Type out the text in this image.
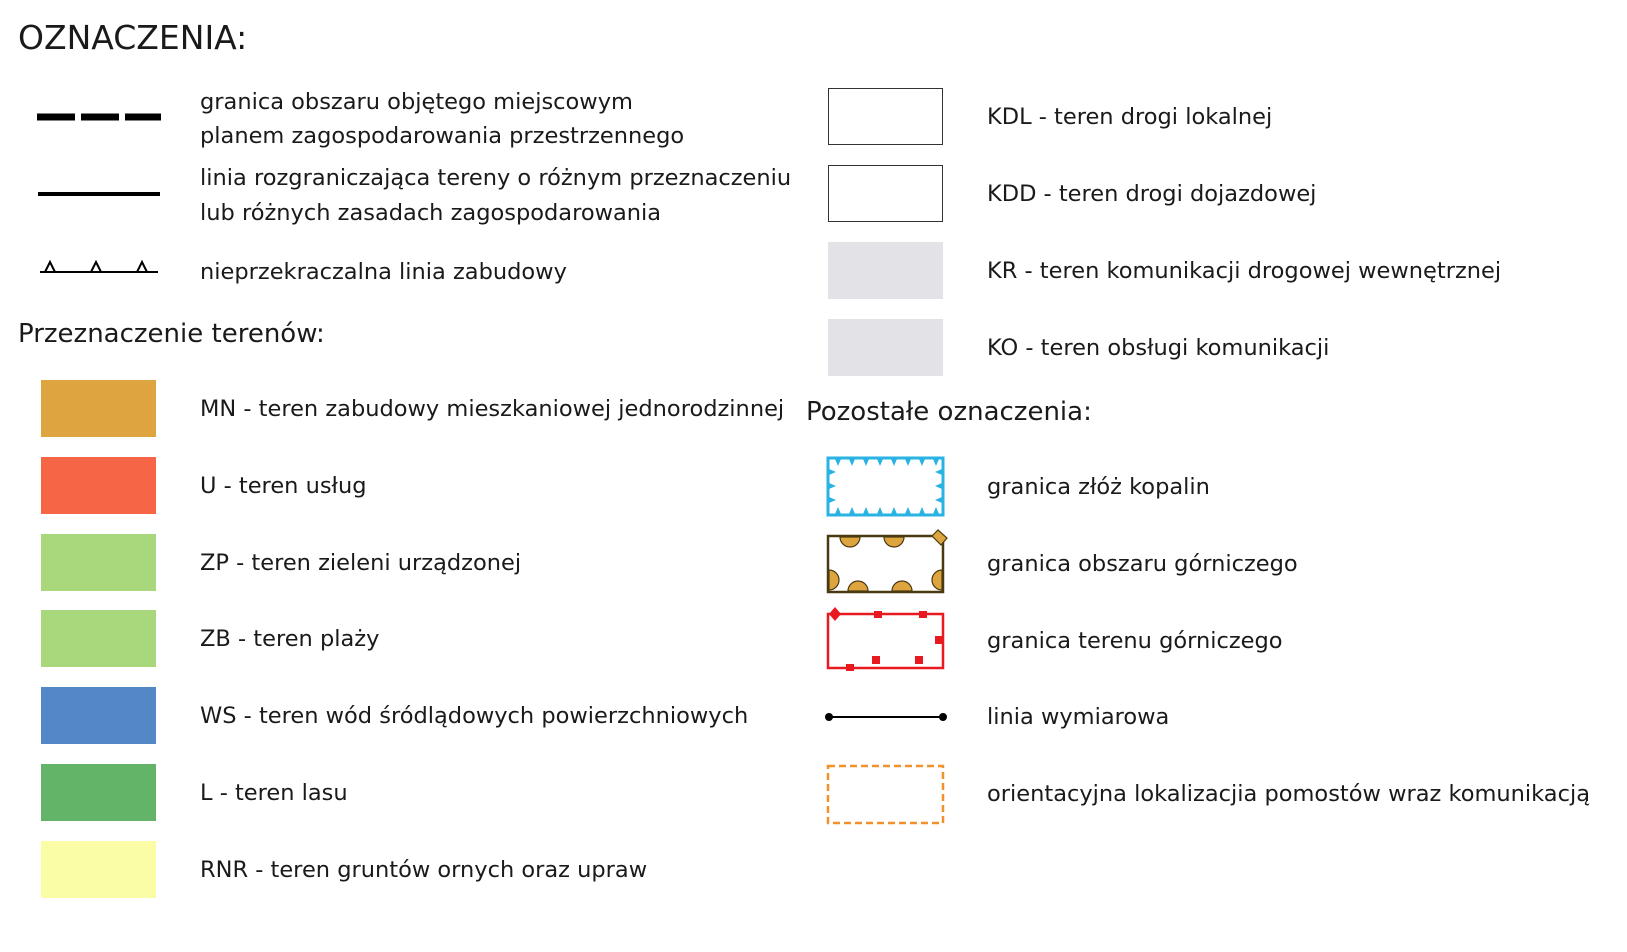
OZNACZENIA:
granica obszaru objętego miejscowym
planem zagospodarowania przestrzennego
linia rozgraniczająca tereny o różnym przeznaczeniu
lub różnych zasadach zagospodarowania
nieprzekraczalna linia zabudowy
Przeznaczenie terenów:
MN - teren zabudowy mieszkaniowej jednorodzinnej
U - teren usług
ZP - teren zieleni urządzonej
ZB - teren plaży
WS - teren wód śródlądowych powierzchniowych
L - teren lasu
RNR - teren gruntów ornych oraz upraw
KDL - teren drogi lokalnej
KDD - teren drogi dojazdowej
KR - teren komunikacji drogowej wewnętrznej
KO - teren obsługi komunikacji
Pozostałe oznaczenia:
granica złóż kopalin
granica obszaru górniczego
granica terenu górniczego
linia wymiarowa
orientacyjna lokalizacjia pomostów wraz komunikacją
